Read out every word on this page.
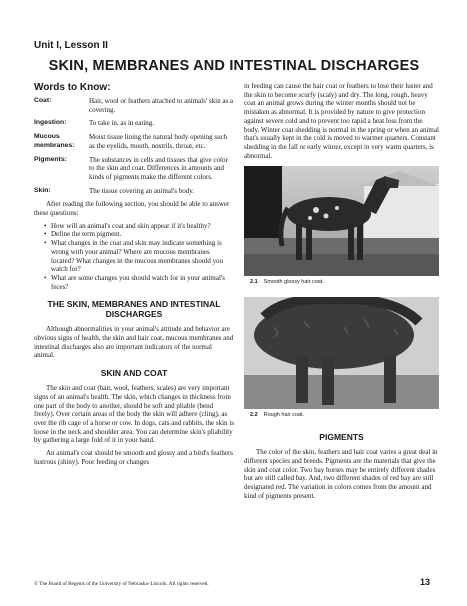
Unit I, Lesson II
SKIN, MEMBRANES AND INTESTINAL DISCHARGES
Words to Know:
Coat:	Hair, wool or feathers attached to animals' skin as a covering.
Ingestion:	To take in, as in eating.
Mucous membranes:
Moist tissue lining the natural body opening such as the eyelids, mouth, nostrils, throat, etc.
Pigments:	The substances in cells and tissues that give color to the skin and coat. Differences in amounts and kinds of pigments make the different colors.
Skin:	The tissue covering an animal's body.

After reading the following section, you should be able to answer these questions:

• How will an animal's coat and skin appear if it's healthy?
• Define the term pigment.
• What changes in the coat and skin may indicate something is wrong with your animal? Where are mucous membranes located? What changes in the mucous membranes should you watch for?
• What are some changes you should watch for in your animal's feces?
THE SKIN, MEMBRANES AND INTESTINAL DISCHARGES

Although abnormalities in your animal's attitude and behavior are obvious signs of health, the skin and hair coat, mucous membranes and intestinal discharges also are important indicators of the normal animal.

SKIN AND COAT

The skin and coat (hair, wool, feathers, scales) are very important signs of an animal's health. The skin, which changes in thickness from one part of the body to another, should be soft and pliable (bend freely). Over certain areas of the body the skin will adhere (cling), as over the rib cage of a horse or cow. In dogs, cats and rabbits, the skin is loose in the neck and shoulder area. You can determine skin's pliability by gathering a large fold of it in your hand.

An animal's coat should be smooth and glossy and a bird's feathers lustrous (shiny). Poor feeding or changes

in feeding can cause the hair coat or feathers to lose their luster and the skin to become scurfy (scaly) and dry. The long, rough, heavy coat an animal grows during the winter months should not be mistaken as abnormal. It is provided by nature to give protection against severe cold and to prevent too rapid a heat loss from the body. Winter coat shedding is normal in the spring or when an animal that's usually kept in the cold is moved to warmer quarters. Constant shedding in the fall or early winter, except in very warm quarters, is abnormal.

2.1 Smooth glossy hair coat.
2.2 Rough hair coat.
PIGMENTS

The color of the skin, feathers and hair coat varies a great deal in different species and breeds. Pigments are the materials that give the skin and coat color. Two bay horses may be entirely different shades but are still called bay. And, two different shades of red bay are still designated red. The variation in colors comes from the amount and kind of pigments present.

© The Board of Regents of the University of Nebraska–Lincoln. All rights reserved.	13
